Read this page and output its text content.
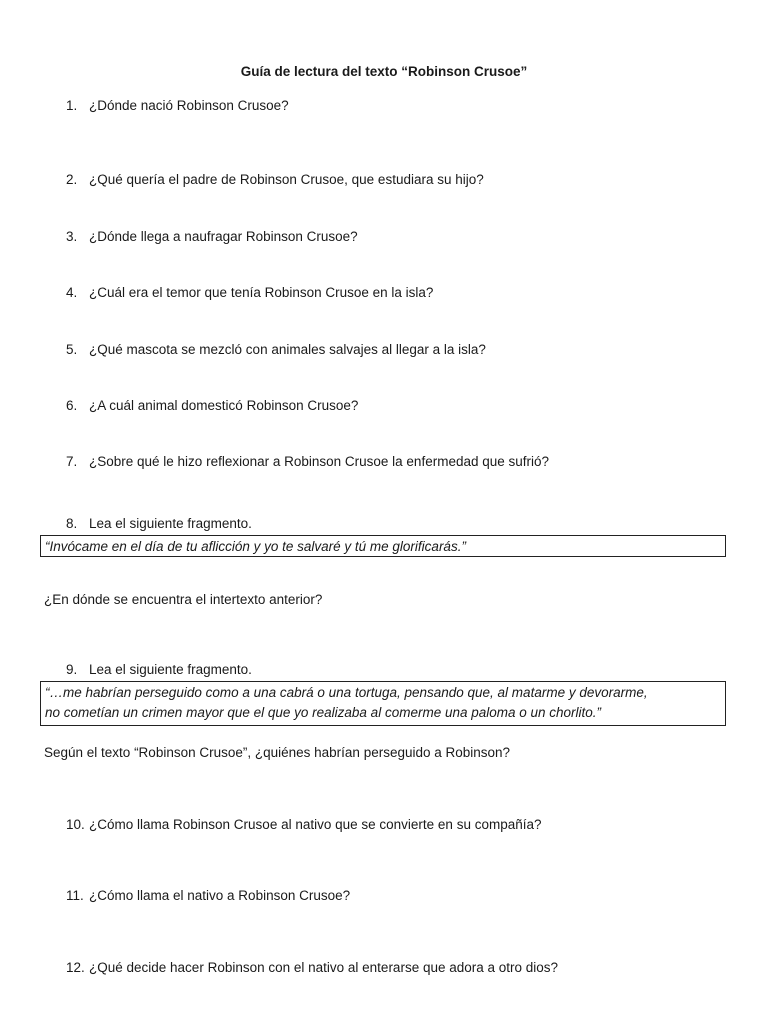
Guía de lectura del texto “Robinson Crusoe”
1. ¿Dónde nació Robinson Crusoe?
2. ¿Qué quería el padre de Robinson Crusoe, que estudiara su hijo?
3. ¿Dónde llega a naufragar Robinson Crusoe?
4. ¿Cuál era el temor que tenía Robinson Crusoe en la isla?
5. ¿Qué mascota se mezcló con animales salvajes al llegar a la isla?
6. ¿A cuál animal domesticó Robinson Crusoe?
7. ¿Sobre qué le hizo reflexionar a Robinson Crusoe la enfermedad que sufrió?
8. Lea el siguiente fragmento.
“Invócame en el día de tu aflicción y yo te salvaré y tú me glorificarás.”
¿En dónde se encuentra el intertexto anterior?
9. Lea el siguiente fragmento.
“…me habrían perseguido como a una cabrá o una tortuga, pensando que, al matarme y devorarme,
no cometían un crimen mayor que el que yo realizaba al comerme una paloma o un chorlito.”
Según el texto “Robinson Crusoe”, ¿quiénes habrían perseguido a Robinson?
10. ¿Cómo llama Robinson Crusoe al nativo que se convierte en su compañía?
11. ¿Cómo llama el nativo a Robinson Crusoe?
12. ¿Qué decide hacer Robinson con el nativo al enterarse que adora a otro dios?
